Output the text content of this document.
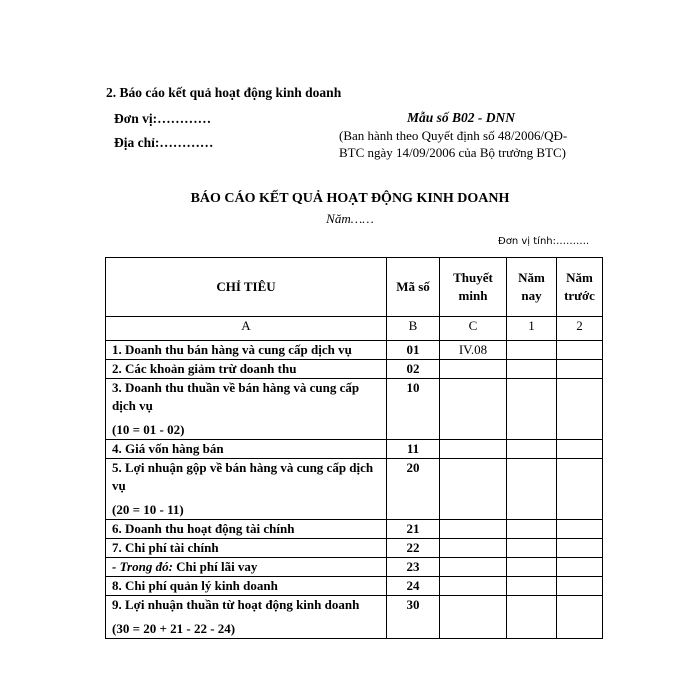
2. Báo cáo kết quả hoạt động kinh doanh
Đơn vị:…………
Địa chỉ:…………
Mẫu số B02 - DNN
(Ban hành theo Quyết định số 48/2006/QĐ-
BTC ngày 14/09/2006 của Bộ trưởng BTC)
BÁO CÁO KẾT QUẢ HOẠT ĐỘNG KINH DOANH
Năm……
Đơn vị tính:……….
CHỈ TIÊU	Mã số	Thuyết minh	Năm nay	Năm trước
A	B	C	1	2
1. Doanh thu bán hàng và cung cấp dịch vụ	01	IV.08		
2. Các khoản giảm trừ doanh thu	02			
3. Doanh thu thuần về bán hàng và cung cấp dịch vụ
(10 = 01 - 02)	10			
4. Giá vốn hàng bán	11			
5. Lợi nhuận gộp về bán hàng và cung cấp dịch vụ
(20 = 10 - 11)	20			
6. Doanh thu hoạt động tài chính	21			
7. Chi phí tài chính	22			
- Trong đó: Chi phí lãi vay	23			
8. Chi phí quản lý kinh doanh	24			
9. Lợi nhuận thuần từ hoạt động kinh doanh
(30 = 20 + 21 - 22 - 24)	30			
